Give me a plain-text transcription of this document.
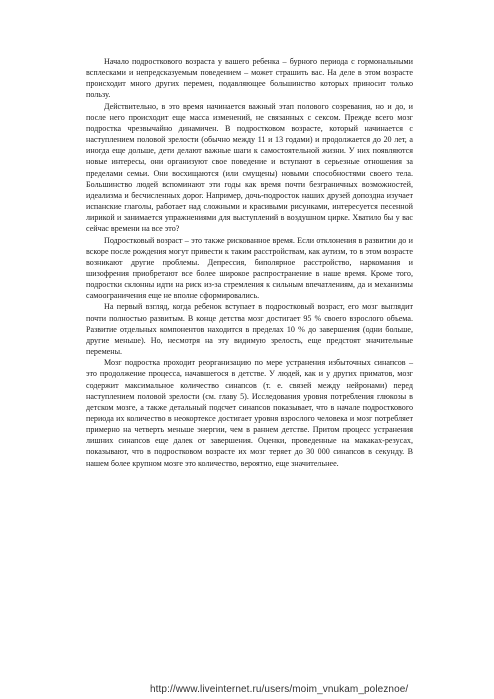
Начало подросткового возраста у вашего ребенка – бурного периода с гормональными всплесками и непредсказуемым поведением – может страшить вас. На деле в этом возрасте происходит много других перемен, подавляющее большинство которых приносит только пользу.

Действительно, в это время начинается важный этап полового созревания, но и до, и после него происходит еще масса изменений, не связанных с сексом. Прежде всего мозг подростка чрезвычайно динамичен. В подростковом возрасте, который начинается с наступлением половой зрелости (обычно между 11 и 13 годами) и продолжается до 20 лет, а иногда еще дольше, дети делают важные шаги к самостоятельной жизни. У них появляются новые интересы, они организуют свое поведение и вступают в серьезные отношения за пределами семьи. Они восхищаются (или смущены) новыми способностями своего тела. Большинство людей вспоминают эти годы как время почти безграничных возможностей, идеализма и бесчисленных дорог. Например, дочь-подросток наших друзей допоздна изучает испанские глаголы, работает над сложными и красивыми рисунками, интересуется песенной лирикой и занимается упражнениями для выступлений в воздушном цирке. Хватило бы у вас сейчас времени на все это?

Подростковый возраст – это также рискованное время. Если отклонения в развитии до и вскоре после рождения могут привести к таким расстройствам, как аутизм, то в этом возрасте возникают другие проблемы. Депрессия, биполярное расстройство, наркомания и шизофрения приобретают все более широкое распространение в наше время. Кроме того, подростки склонны идти на риск из-за стремления к сильным впечатлениям, да и механизмы самоограничения еще не вполне сформировались.

На первый взгляд, когда ребенок вступает в подростковый возраст, его мозг выглядит почти полностью развитым. В конце детства мозг достигает 95 % своего взрослого объема. Развитие отдельных компонентов находится в пределах 10 % до завершения (одни больше, другие меньше). Но, несмотря на эту видимую зрелость, еще предстоят значительные перемены.

Мозг подростка проходит реорганизацию по мере устранения избыточных синапсов – это продолжение процесса, начавшегося в детстве. У людей, как и у других приматов, мозг содержит максимальное количество синапсов (т. е. связей между нейронами) перед наступлением половой зрелости (см. главу 5). Исследования уровня потребления глюкозы в детском мозге, а также детальный подсчет синапсов показывает, что в начале подросткового периода их количество в неокортексе достигает уровня взрослого человека и мозг потребляет примерно на четверть меньше энергии, чем в раннем детстве. Притом процесс устранения лишних синапсов еще далек от завершения. Оценки, проведенные на макаках-резусах, показывают, что в подростковом возрасте их мозг теряет до 30 000 синапсов в секунду. В нашем более крупном мозге это количество, вероятно, еще значительнее.

http://www.liveinternet.ru/users/moim_vnukam_poleznoe/
